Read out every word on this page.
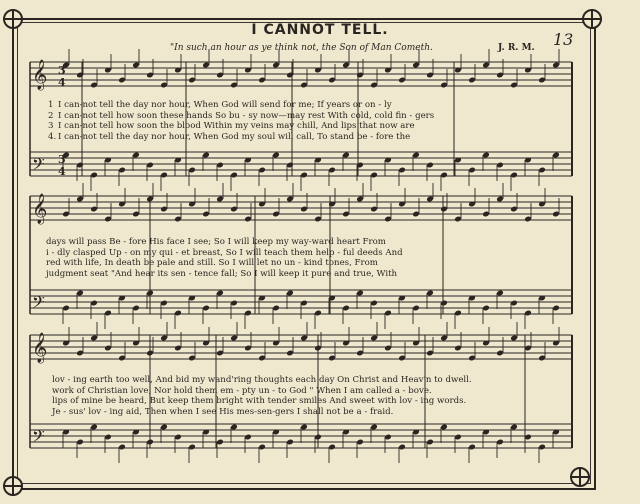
I CANNOT TELL.
"In such an hour as ye think not, the Son of Man Cometh.	J. R. M. 13
𝄞
𝄢
𝄞
𝄢
𝄞
𝄢
3
4
3
4
1 I can-not tell the day nor hour, When God will send for me; If years or on - ly
2 I can-not tell how soon these hands So bu - sy now—may rest With cold, cold fin - gers
3 I can-not tell how soon the blood Within my veins may chill, And lips that now are
4. I can-not tell the day nor hour, When God my soul will call, To stand be - fore the
days will pass Be - fore His face I see; So I will keep my way-ward heart From
i - dly clasped Up - on my qui - et breast, So I will teach them help - ful deeds And
red with life, In death be pale and still. So I will let no un - kind tones, From
judgment seat "And hear its sen - tence fall; So I will keep it pure and true, With
lov - ing earth too well, And bid my wand'ring thoughts each day On Christ and Heav'n to dwell.
work of Christian love; Nor hold them em - pty un - to God " When I am called a - bove.
lips of mine be heard, But keep them bright with tender smiles And sweet with lov - ing words.
Je - sus' lov - ing aid, Then when I see His mes-sen-gers I shall not be a - fraid.
